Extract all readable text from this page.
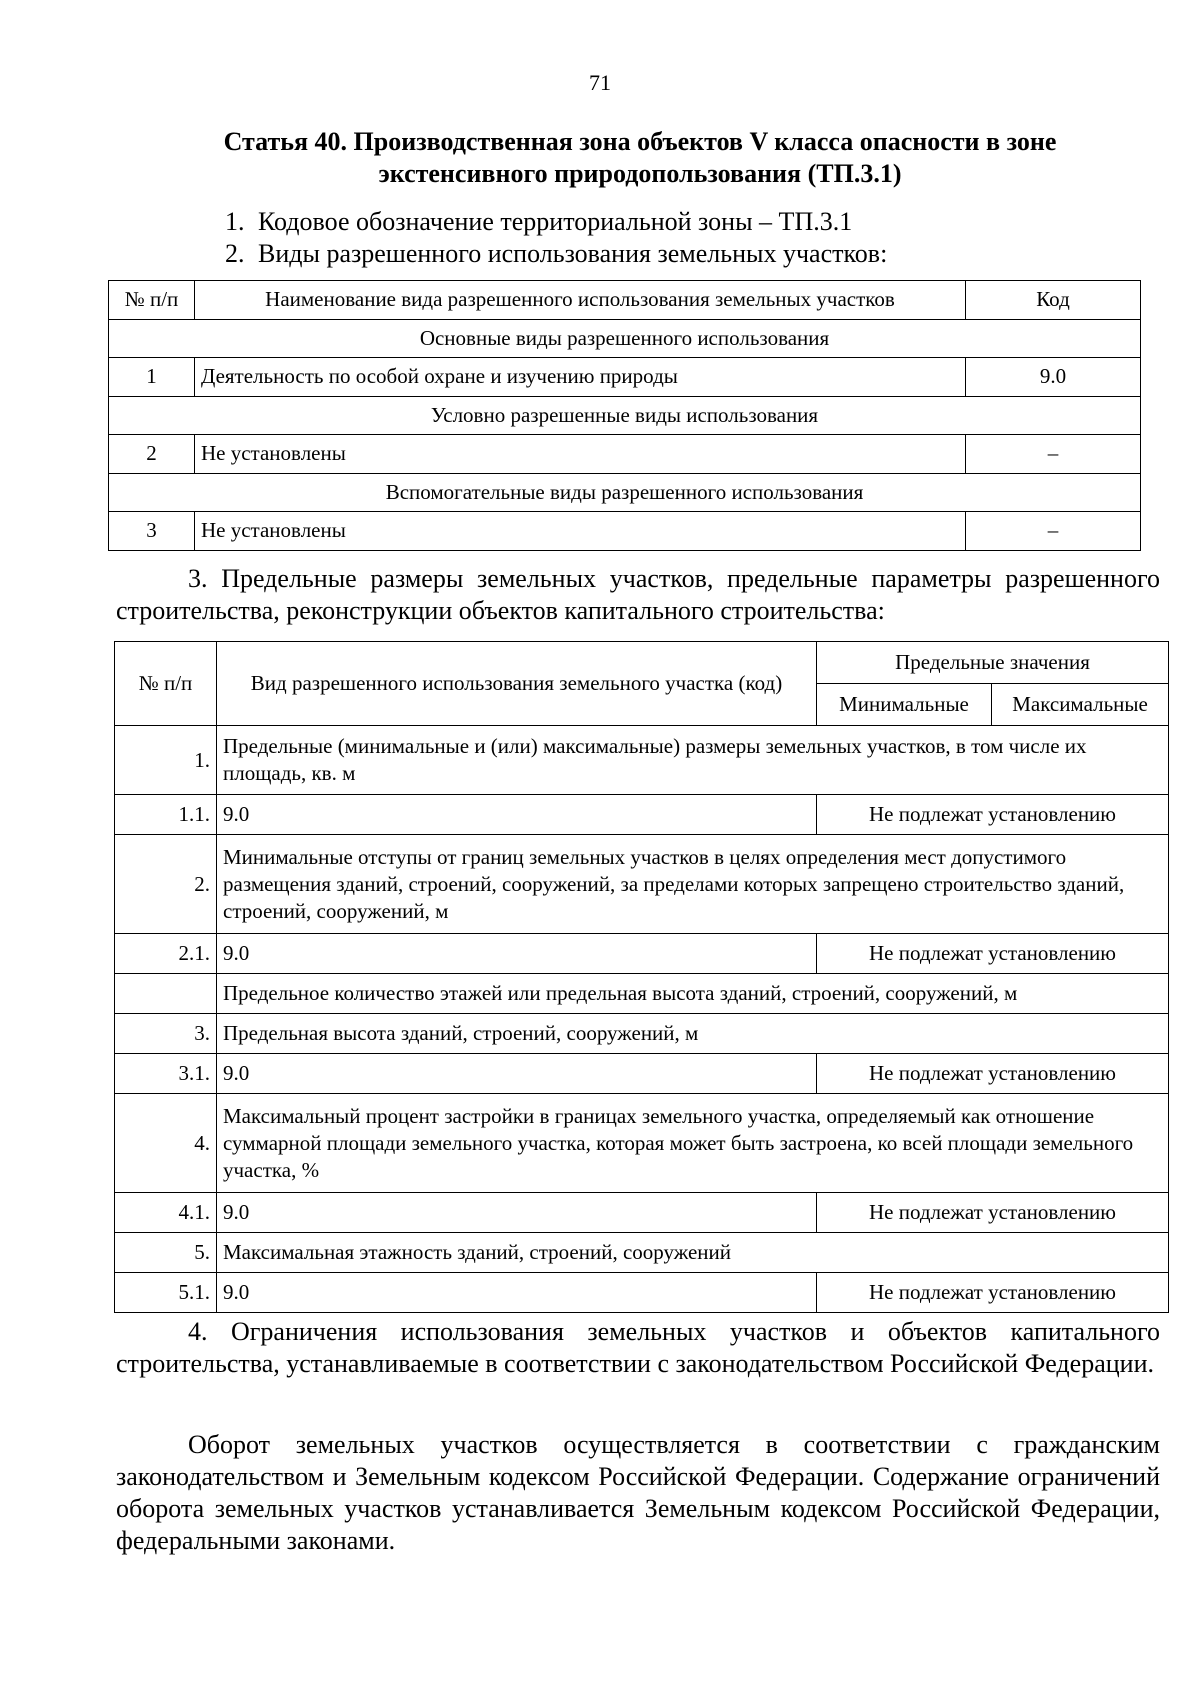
71
Статья 40. Производственная зона объектов V класса опасности в зоне
экстенсивного природопользования (ТП.3.1)
1. Кодовое обозначение территориальной зоны – ТП.3.1
2. Виды разрешенного использования земельных участков:
№ п/п	Наименование вида разрешенного использования земельных участков	Код
Основные виды разрешенного использования		
1	Деятельность по особой охране и изучению природы	9.0
Условно разрешенные виды использования		
2	Не установлены	–
Вспомогательные виды разрешенного использования		
3	Не установлены	–
3. Предельные размеры земельных участков, предельные параметры разрешенного строительства, реконструкции объектов капитального строительства:
№ п/п	Вид разрешенного использования земельного участка (код)	Предельные значения	
		Минимальные	Максимальные
1.	Предельные (минимальные и (или) максимальные) размеры земельных участков, в том числе их площадь, кв. м		
1.1.	9.0	Не подлежат установлению	
2.	Минимальные отступы от границ земельных участков в целях определения мест допустимого размещения зданий, строений, сооружений, за пределами которых запрещено строительство зданий, строений, сооружений, м		
2.1.	9.0	Не подлежат установлению	
	Предельное количество этажей или предельная высота зданий, строений, сооружений, м		
3.	Предельная высота зданий, строений, сооружений, м		
3.1.	9.0	Не подлежат установлению	
4.	Максимальный процент застройки в границах земельного участка, определяемый как отношение суммарной площади земельного участка, которая может быть застроена, ко всей площади земельного участка, %		
4.1.	9.0	Не подлежат установлению	
5.	Максимальная этажность зданий, строений, сооружений		
5.1.	9.0	Не подлежат установлению	
4. Ограничения использования земельных участков и объектов капитального строительства, устанавливаемые в соответствии с законодательством Российской Федерации.
Оборот земельных участков осуществляется в соответствии с гражданским законодательством и Земельным кодексом Российской Федерации. Содержание ограничений оборота земельных участков устанавливается Земельным кодексом Российской Федерации, федеральными законами.
